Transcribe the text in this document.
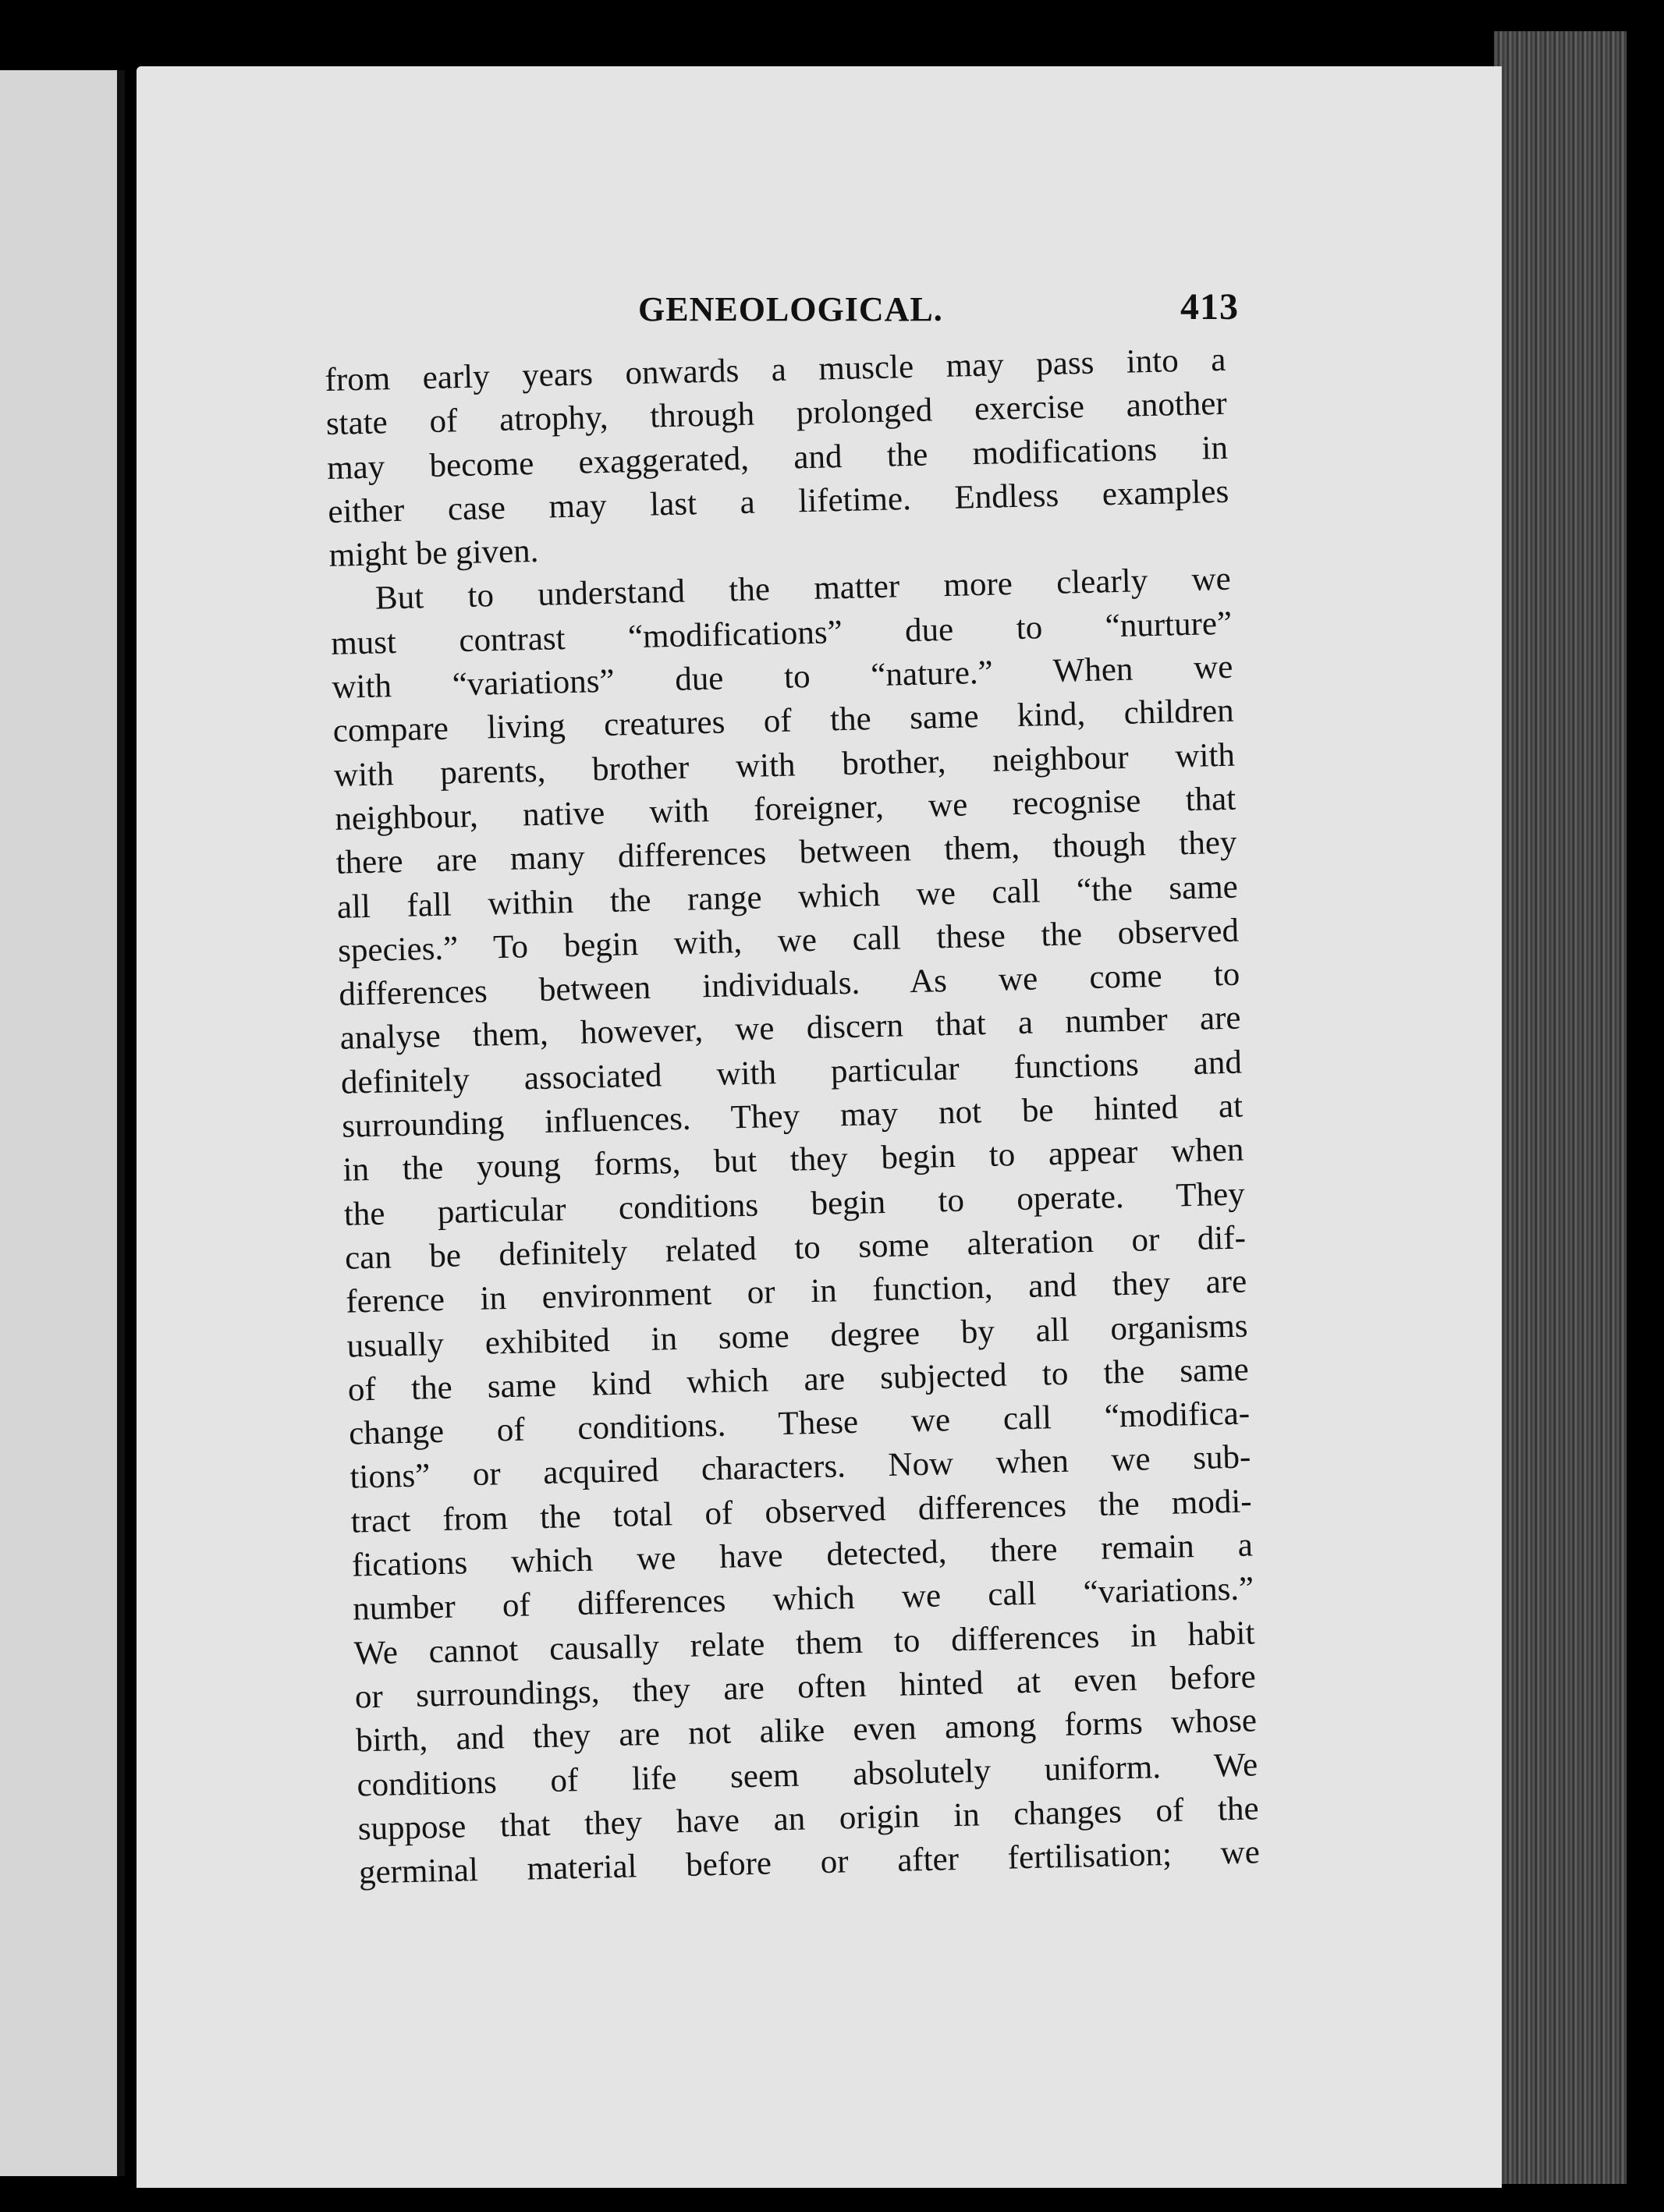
GENEOLOGICAL.	413
from early years onwards a muscle may pass into a
state of atrophy, through prolonged exercise another
may become exaggerated, and the modifications in
either case may last a lifetime. Endless examples
might be given.
But to understand the matter more clearly we
must contrast “modifications” due to “nurture”
with “variations” due to “nature.” When we
compare living creatures of the same kind, children
with parents, brother with brother, neighbour with
neighbour, native with foreigner, we recognise that
there are many differences between them, though they
all fall within the range which we call “the same
species.” To begin with, we call these the observed
differences between individuals. As we come to
analyse them, however, we discern that a number are
definitely associated with particular functions and
surrounding influences. They may not be hinted at
in the young forms, but they begin to appear when
the particular conditions begin to operate. They
can be definitely related to some alteration or dif-
ference in environment or in function, and they are
usually exhibited in some degree by all organisms
of the same kind which are subjected to the same
change of conditions. These we call “modifica-
tions” or acquired characters. Now when we sub-
tract from the total of observed differences the modi-
fications which we have detected, there remain a
number of differences which we call “variations.”
We cannot causally relate them to differences in habit
or surroundings, they are often hinted at even before
birth, and they are not alike even among forms whose
conditions of life seem absolutely uniform. We
suppose that they have an origin in changes of the
germinal material before or after fertilisation; we
